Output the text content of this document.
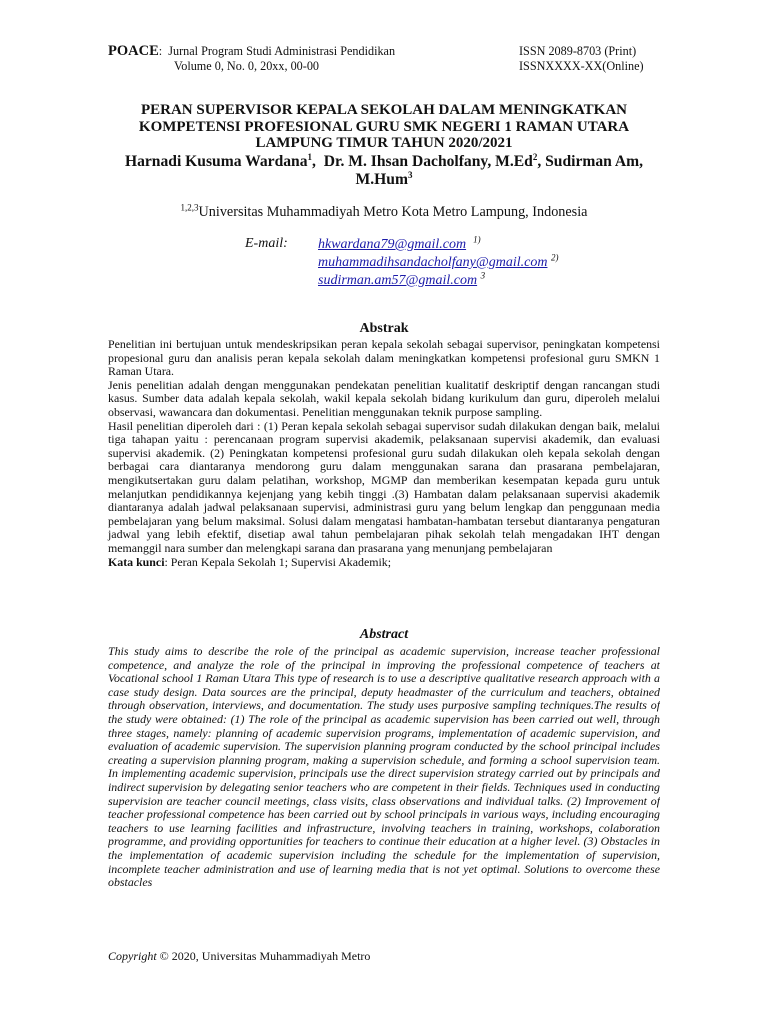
POACE:  Jurnal Program Studi Administrasi Pendidikan
Volume 0, No. 0, 20xx, 00-00
ISSN 2089-8703 (Print)
ISSNXXXX-XX(Online)
PERAN SUPERVISOR KEPALA SEKOLAH DALAM MENINGKATKAN
KOMPETENSI PROFESIONAL GURU SMK NEGERI 1 RAMAN UTARA
LAMPUNG TIMUR TAHUN 2020/2021
Harnadi Kusuma Wardana$^1$,  Dr. M. Ihsan Dacholfany, M.Ed$^2$, Sudirman Am, M.Hum$^3$
$^{1,2,3}$Universitas Muhammadiyah Metro Kota Metro Lampung, Indonesia
E-mail: hkwardana79@gmail.com $^{1)}$
muhammadihsandacholfany@gmail.com $^{2)}$
sudirman.am57@gmail.com $^3$
Abstrak

Penelitian ini bertujuan untuk mendeskripsikan peran kepala sekolah sebagai supervisor, peningkatan kompetensi propesional guru dan analisis peran kepala sekolah dalam meningkatkan kompetensi profesional guru SMKN 1 Raman Utara.

Jenis penelitian adalah dengan menggunakan pendekatan penelitian kualitatif deskriptif dengan rancangan studi kasus. Sumber data adalah kepala sekolah, wakil kepala sekolah bidang kurikulum dan guru, diperoleh melalui observasi, wawancara dan dokumentasi. Penelitian menggunakan teknik purpose sampling.

Hasil penelitian diperoleh dari : (1) Peran kepala sekolah sebagai supervisor sudah dilakukan dengan baik, melalui tiga tahapan yaitu : perencanaan program supervisi akademik, pelaksanaan supervisi akademik, dan evaluasi supervisi akademik. (2) Peningkatan kompetensi profesional guru sudah dilakukan oleh kepala sekolah dengan berbagai cara diantaranya mendorong guru dalam menggunakan sarana dan prasarana pembelajaran, mengikutsertakan guru dalam pelatihan, workshop, MGMP dan memberikan kesempatan kepada guru untuk melanjutkan pendidikannya kejenjang yang kebih tinggi .(3) Hambatan dalam pelaksanaan supervisi akademik diantaranya adalah jadwal pelaksanaan supervisi, administrasi guru yang belum lengkap dan penggunaan media pembelajaran yang belum maksimal. Solusi dalam mengatasi hambatan-hambatan tersebut diantaranya pengaturan jadwal yang lebih efektif, disetiap awal tahun pembelajaran pihak sekolah telah mengadakan IHT dengan memanggil nara sumber dan melengkapi sarana dan prasarana yang menunjang pembelajaran

Kata kunci: Peran Kepala Sekolah 1; Supervisi Akademik;

Abstract

This study aims to describe the role of the principal as academic supervision, increase teacher professional competence, and analyze the role of the principal in improving the professional competence of teachers at Vocational school 1 Raman Utara This type of research is to use a descriptive qualitative research approach with a case study design. Data sources are the principal, deputy headmaster of the curriculum and teachers, obtained through observation, interviews, and documentation. The study uses purposive sampling techniques.The results of the study were obtained: (1) The role of the principal as academic supervision has been carried out well, through three stages, namely: planning of academic supervision programs, implementation of academic supervision, and evaluation of academic supervision. The supervision planning program conducted by the school principal includes creating a supervision planning program, making a supervision schedule, and forming a school supervision team. In implementing academic supervision, principals use the direct supervision strategy carried out by principals and indirect supervision by delegating senior teachers who are competent in their fields. Techniques used in conducting supervision are teacher council meetings, class visits, class observations and individual talks. (2) Improvement of teacher professional competence has been carried out by school principals in various ways, including encouraging teachers to use learning facilities and infrastructure, involving teachers in training, workshops, colaboration programme, and providing opportunities for teachers to continue their education at a higher level. (3) Obstacles in the implementation of academic supervision including the schedule for the implementation of supervision, incomplete teacher administration and use of learning media that is not yet optimal. Solutions to overcome these obstacles

Copyright © 2020, Universitas Muhammadiyah Metro
